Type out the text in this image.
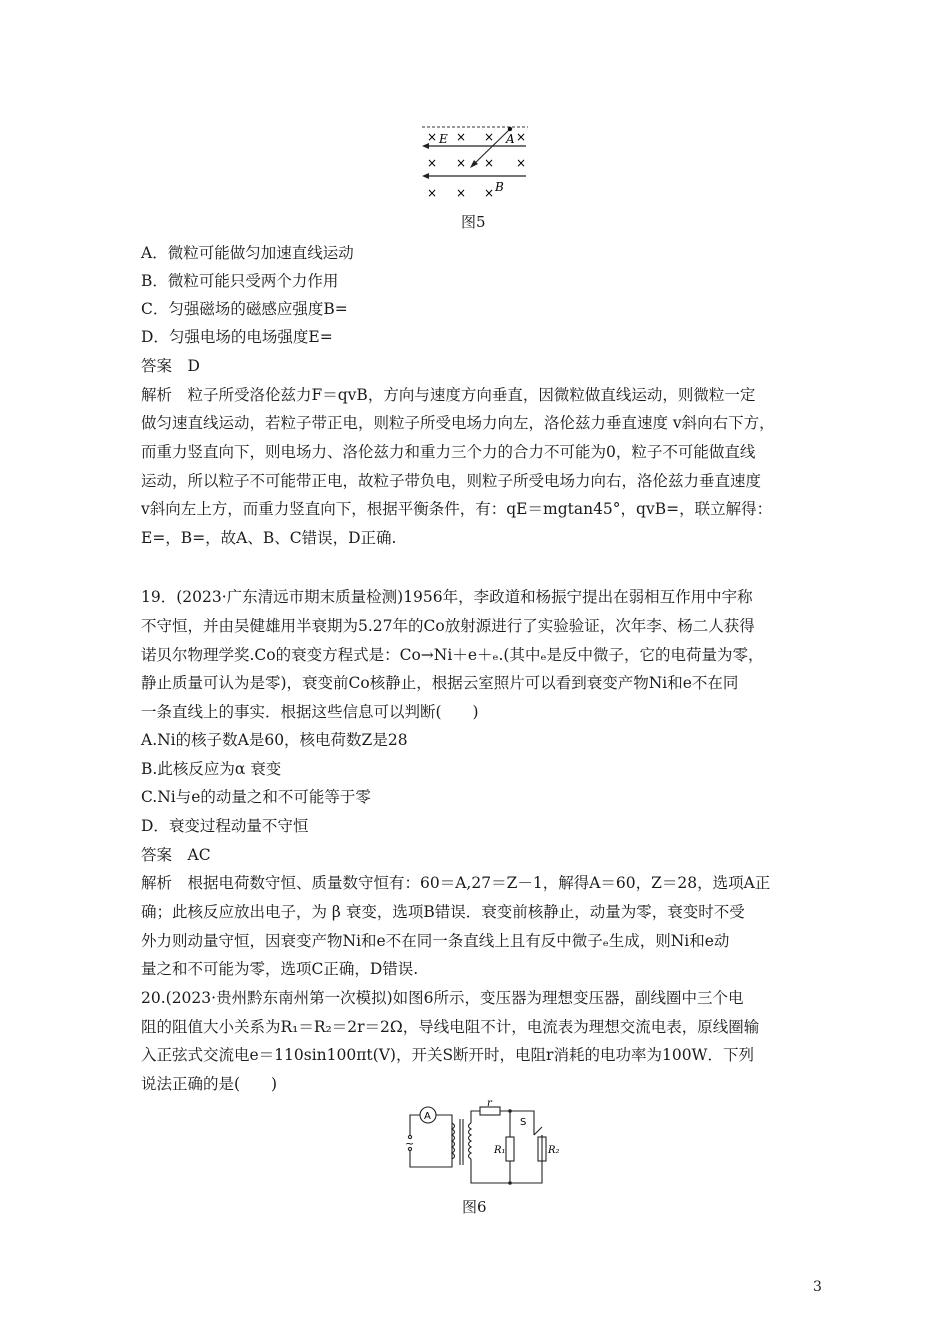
× E × × A ×
× × × ×
× × × B
图5
A．微粒可能做匀加速直线运动
B．微粒可能只受两个力作用
C．匀强磁场的磁感应强度B=
D．匀强电场的电场强度E=
答案　D
解析　粒子所受洛伦兹力F＝qvB，方向与速度方向垂直，因微粒做直线运动，则微粒一定
做匀速直线运动，若粒子带正电，则粒子所受电场力向左，洛伦兹力垂直速度 v斜向右下方，
而重力竖直向下，则电场力、洛伦兹力和重力三个力的合力不可能为0，粒子不可能做直线
运动，所以粒子不可能带正电，故粒子带负电，则粒子所受电场力向右，洛伦兹力垂直速度
v斜向左上方，而重力竖直向下，根据平衡条件，有：qE＝mgtan45°，qvB=，联立解得：
E=，B=，故A、B、C错误，D正确.
19．(2023·广东清远市期末质量检测)1956年，李政道和杨振宁提出在弱相互作用中宇称
不守恒，并由吴健雄用半衰期为5.27年的Co放射源进行了实验验证，次年李、杨二人获得
诺贝尔物理学奖.Co的衰变方程式是：Co→Ni＋e＋ₑ.(其中ₑ是反中微子，它的电荷量为零，
静止质量可认为是零)，衰变前Co核静止，根据云室照片可以看到衰变产物Ni和e不在同
一条直线上的事实．根据这些信息可以判断(　　)
A.Ni的核子数A是60，核电荷数Z是28
B.此核反应为α 衰变
C.Ni与e的动量之和不可能等于零
D．衰变过程动量不守恒
答案　AC
解析　根据电荷数守恒、质量数守恒有：60＝A,27＝Z－1，解得A＝60，Z＝28，选项A正
确；此核反应放出电子，为 β 衰变，选项B错误．衰变前核静止，动量为零，衰变时不受
外力则动量守恒，因衰变产物Ni和e不在同一条直线上且有反中微子ₑ生成，则Ni和e动
量之和不可能为零，选项C正确，D错误.
20.(2023·贵州黔东南州第一次模拟)如图6所示，变压器为理想变压器，副线圈中三个电
阻的阻值大小关系为R₁＝R₂＝2r＝2Ω，导线电阻不计，电流表为理想交流电表，原线圈输
入正弦式交流电e＝110sin100πt(V)，开关S断开时，电阻r消耗的电功率为100W．下列
说法正确的是(　　)
A
~
r
S
R₁	R₂
图6
3
